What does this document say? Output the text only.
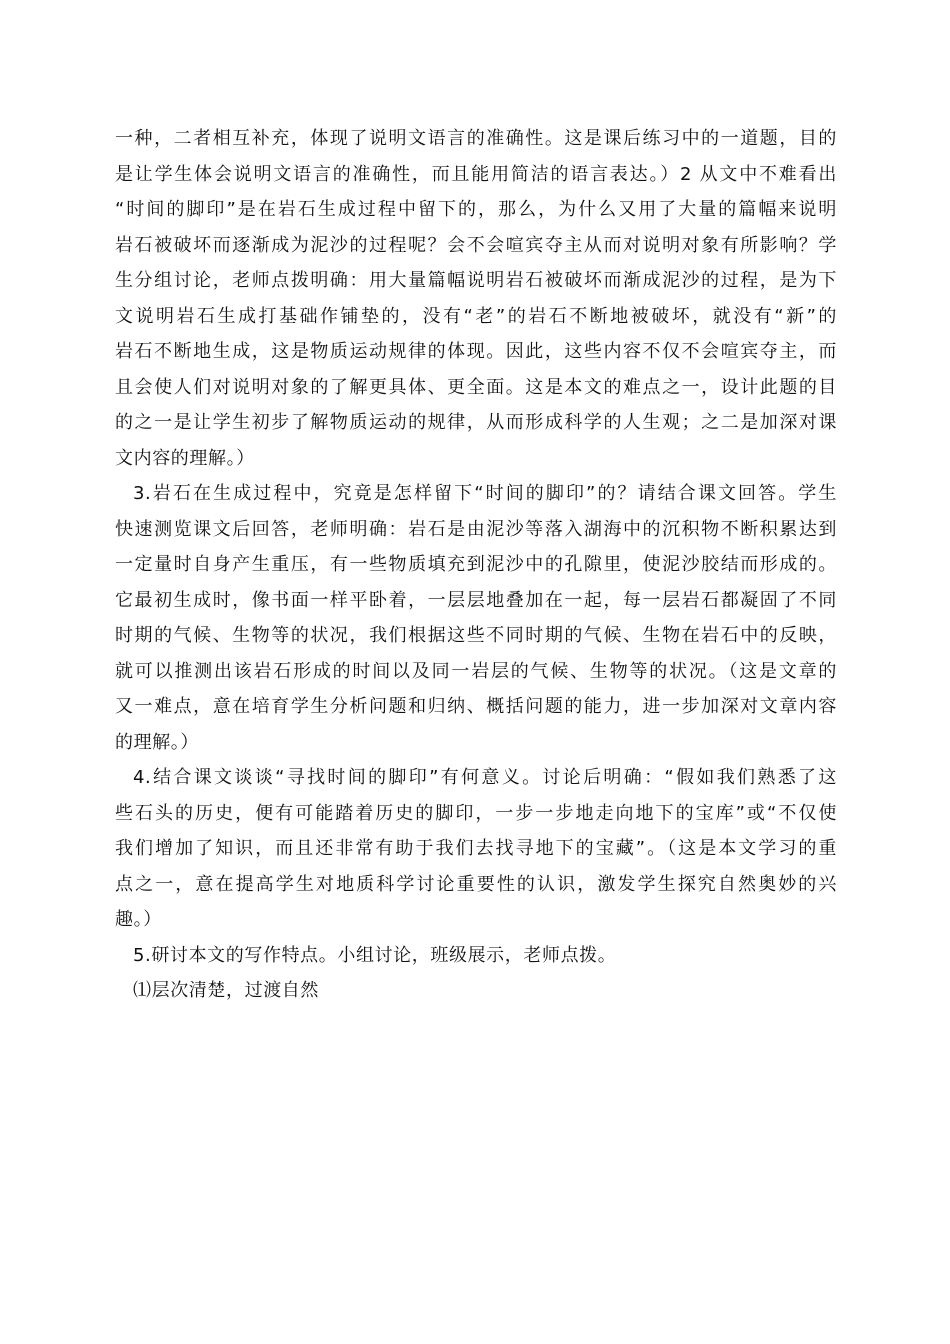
一种，二者相互补充，体现了说明文语言的准确性。这是课后练习中的一道题，目的
是让学生体会说明文语言的准确性，而且能用简洁的语言表达。）2 从文中不难看出
“时间的脚印”是在岩石生成过程中留下的，那么，为什么又用了大量的篇幅来说明
岩石被破坏而逐渐成为泥沙的过程呢？会不会喧宾夺主从而对说明对象有所影响？学
生分组讨论，老师点拨明确：用大量篇幅说明岩石被破坏而渐成泥沙的过程，是为下
文说明岩石生成打基础作铺垫的，没有“老”的岩石不断地被破坏，就没有“新”的
岩石不断地生成，这是物质运动规律的体现。因此，这些内容不仅不会喧宾夺主，而
且会使人们对说明对象的了解更具体、更全面。这是本文的难点之一，设计此题的目
的之一是让学生初步了解物质运动的规律，从而形成科学的人生观；之二是加深对课
文内容的理解。）
3.岩石在生成过程中，究竟是怎样留下“时间的脚印”的？请结合课文回答。学生
快速测览课文后回答，老师明确：岩石是由泥沙等落入湖海中的沉积物不断积累达到
一定量时自身产生重压，有一些物质填充到泥沙中的孔隙里，使泥沙胶结而形成的。
它最初生成时，像书面一样平卧着，一层层地叠加在一起，每一层岩石都凝固了不同
时期的气候、生物等的状况，我们根据这些不同时期的气候、生物在岩石中的反映，
就可以推测出该岩石形成的时间以及同一岩层的气候、生物等的状况。（这是文章的
又一难点，意在培育学生分析问题和归纳、概括问题的能力，进一步加深对文章内容
的理解。）
4.结合课文谈谈“寻找时间的脚印”有何意义。讨论后明确：“假如我们熟悉了这
些石头的历史，便有可能踏着历史的脚印，一步一步地走向地下的宝库”或“不仅使
我们增加了知识，而且还非常有助于我们去找寻地下的宝藏”。（这是本文学习的重
点之一，意在提高学生对地质科学讨论重要性的认识，激发学生探究自然奥妙的兴
趣。）
5.研讨本文的写作特点。小组讨论，班级展示，老师点拨。
⑴层次清楚，过渡自然
